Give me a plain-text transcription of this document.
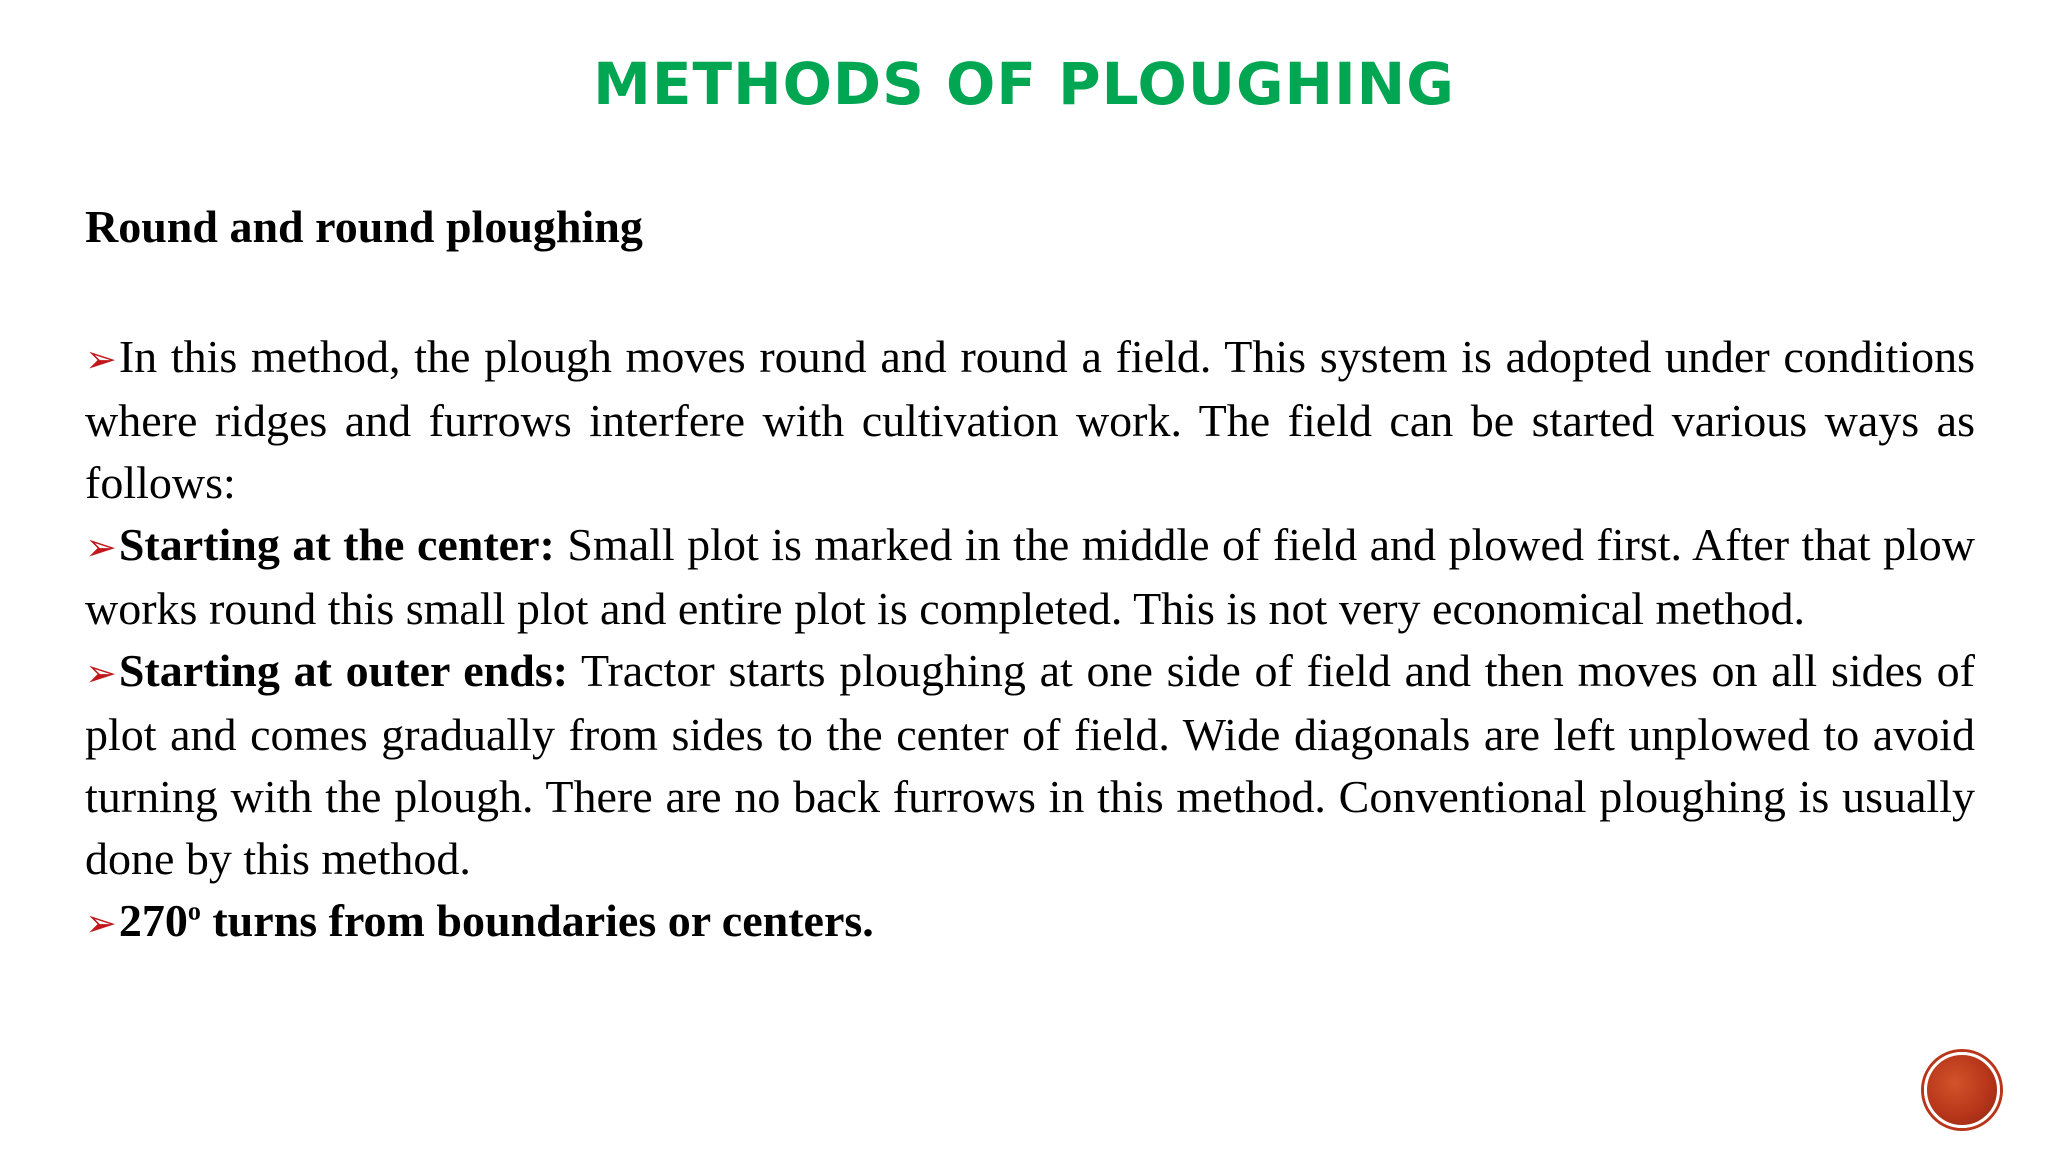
METHODS OF PLOUGHING
Round and round ploughing

➢In this method, the plough moves round and round a field. This system is adopted under conditions where ridges and furrows interfere with cultivation work. The field can be started various ways as follows:

➢Starting at the center: Small plot is marked in the middle of field and plowed first. After that plow works round this small plot and entire plot is completed. This is not very economical method.

➢Starting at outer ends: Tractor starts ploughing at one side of field and then moves on all sides of plot and comes gradually from sides to the center of field. Wide diagonals are left unplowed to avoid turning with the plough. There are no back furrows in this method. Conventional ploughing is usually done by this method.

➢270$^o$ turns from boundaries or centers.
